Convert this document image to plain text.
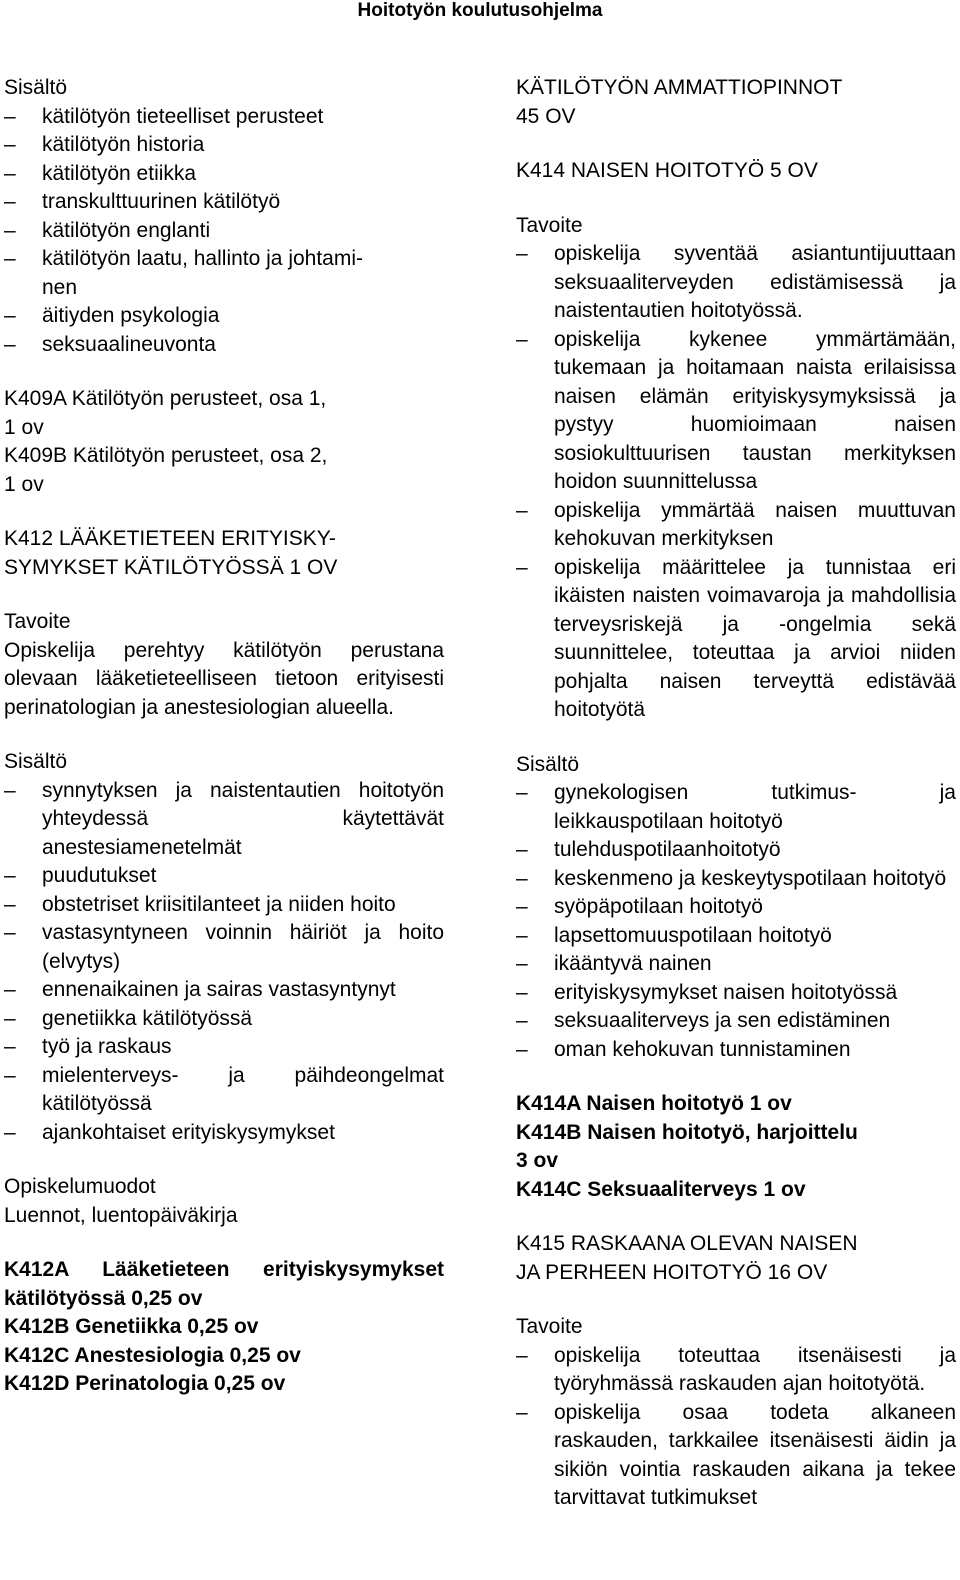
Hoitotyön koulutusohjelma
Sisältö
– kätilötyön tieteelliset perusteet
– kätilötyön historia
– kätilötyön etiikka
– transkulttuurinen kätilötyö
– kätilötyön englanti
– kätilötyön laatu, hallinto ja johtami-
nen
– äitiyden psykologia
– seksuaalineuvonta
K409A Kätilötyön perusteet, osa 1,
1 ov
K409B Kätilötyön perusteet, osa 2,
1 ov
K412 LÄÄKETIETEEN ERITYISKY-
SYMYKSET KÄTILÖTYÖSSÄ 1 OV
Tavoite
Opiskelija perehtyy kätilötyön perustana olevaan lääketieteelliseen tietoon erityisesti perinatologian ja anestesiologian alueella.
Sisältö
– synnytyksen ja naistentautien hoitotyön yhteydessä käytettävät anestesiamenetelmät
– puudutukset
– obstetriset kriisitilanteet ja niiden hoito
– vastasyntyneen voinnin häiriöt ja hoito (elvytys)
– ennenaikainen ja sairas vastasyntynyt
– genetiikka kätilötyössä
– työ ja raskaus
– mielenterveys- ja päihdeongelmat kätilötyössä
– ajankohtaiset erityiskysymykset
Opiskelumuodot
Luennot, luentopäiväkirja
K412A Lääketieteen erityiskysymykset kätilötyössä 0,25 ov
K412B Genetiikka 0,25 ov
K412C Anestesiologia 0,25 ov
K412D Perinatologia 0,25 ov
KÄTILÖTYÖN AMMATTIOPINNOT
45 OV
K414 NAISEN HOITOTYÖ 5 OV
Tavoite
– opiskelija syventää asiantuntijuuttaan seksuaaliterveyden edistämisessä ja naistentautien hoitotyössä.
– opiskelija kykenee ymmärtämään, tukemaan ja hoitamaan naista erilaisissa naisen elämän erityiskysymyksissä ja pystyy huomioimaan naisen sosiokulttuurisen taustan merkityksen hoidon suunnittelussa
– opiskelija ymmärtää naisen muuttuvan kehokuvan merkityksen
– opiskelija määrittelee ja tunnistaa eri ikäisten naisten voimavaroja ja mahdollisia terveysriskejä ja -ongelmia sekä suunnittelee, toteuttaa ja arvioi niiden pohjalta naisen terveyttä edistävää hoitotyötä
Sisältö
– gynekologisen tutkimus- ja leikkauspotilaan hoitotyö
– tulehduspotilaanhoitotyö
– keskenmeno ja keskeytyspotilaan hoitotyö
– syöpäpotilaan hoitotyö
– lapsettomuuspotilaan hoitotyö
– ikääntyvä nainen
– erityiskysymykset naisen hoitotyössä
– seksuaaliterveys ja sen edistäminen
– oman kehokuvan tunnistaminen
K414A Naisen hoitotyö 1 ov
K414B Naisen hoitotyö, harjoittelu
3 ov
K414C Seksuaaliterveys 1 ov
K415 RASKAANA OLEVAN NAISEN
JA PERHEEN HOITOTYÖ 16 OV
Tavoite
– opiskelija toteuttaa itsenäisesti ja työryhmässä raskauden ajan hoitotyötä.
– opiskelija osaa todeta alkaneen raskauden, tarkkailee itsenäisesti äidin ja sikiön vointia raskauden aikana ja tekee tarvittavat tutkimukset
